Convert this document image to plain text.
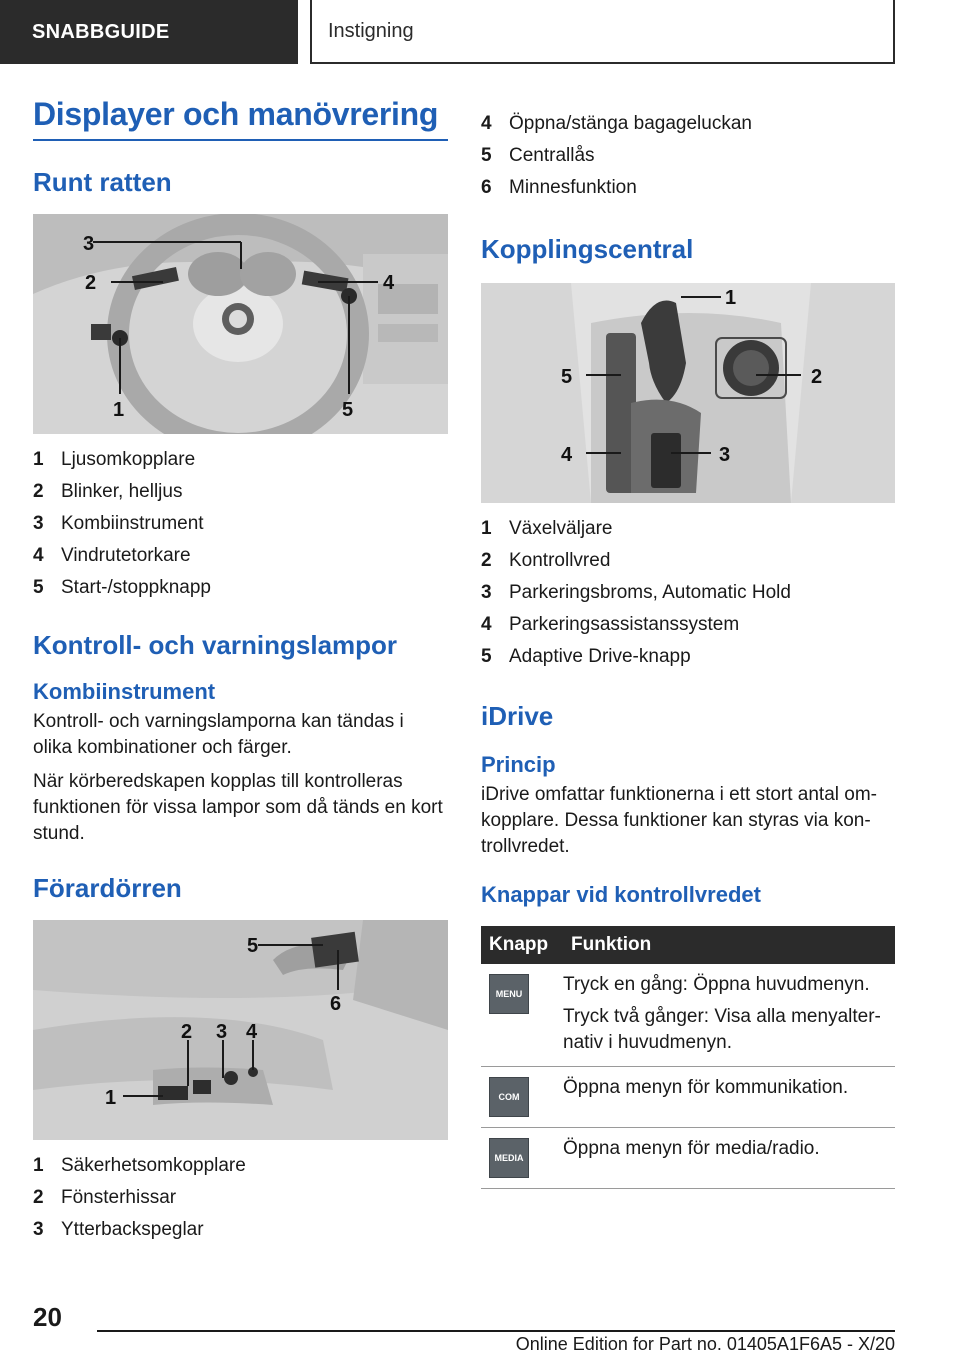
SNABBGUIDE	Instigning
Displayer och manövrering
Runt ratten
3
2	4
1	5
1 Ljusomkopplare
2 Blinker, helljus
3 Kombiinstrument
4 Vindrutetorkare
5 Start-/stoppknapp
Kontroll- och varningslampor
Kombiinstrument

Kontroll- och varningslamporna kan tändas i olika kombinationer och färger.

När körberedskapen kopplas till kontrolleras funktionen för vissa lampor som då tänds en kort stund.

Förardörren
5
6
2 3 4
1
1 Säkerhetsomkopplare
2 Fönsterhissar
3 Ytterbackspeglar
4 Öppna/stänga bagageluckan
5 Centrallås
6 Minnesfunktion
Kopplingscentral
1
2
3
4
5
1 Växelväljare
2 Kontrollvred
3 Parkeringsbroms, Automatic Hold
4 Parkeringsassistanssystem
5 Adaptive Drive-knapp
iDrive
Princip

iDrive omfattar funktionerna i ett stort antal omkopplare. Dessa funktioner kan styras via kontrollvredet.

Knappar vid kontrollvredet
Knapp	Funktion

MENU	Tryck en gång: Öppna huvudmenyn.
Tryck två gånger: Visa alla menyalternativ i huvudmenyn.

COM	Öppna menyn för kommunikation.

MEDIA	Öppna menyn för media/radio.
20
Online Edition for Part no. 01405A1F6A5 - X/20
